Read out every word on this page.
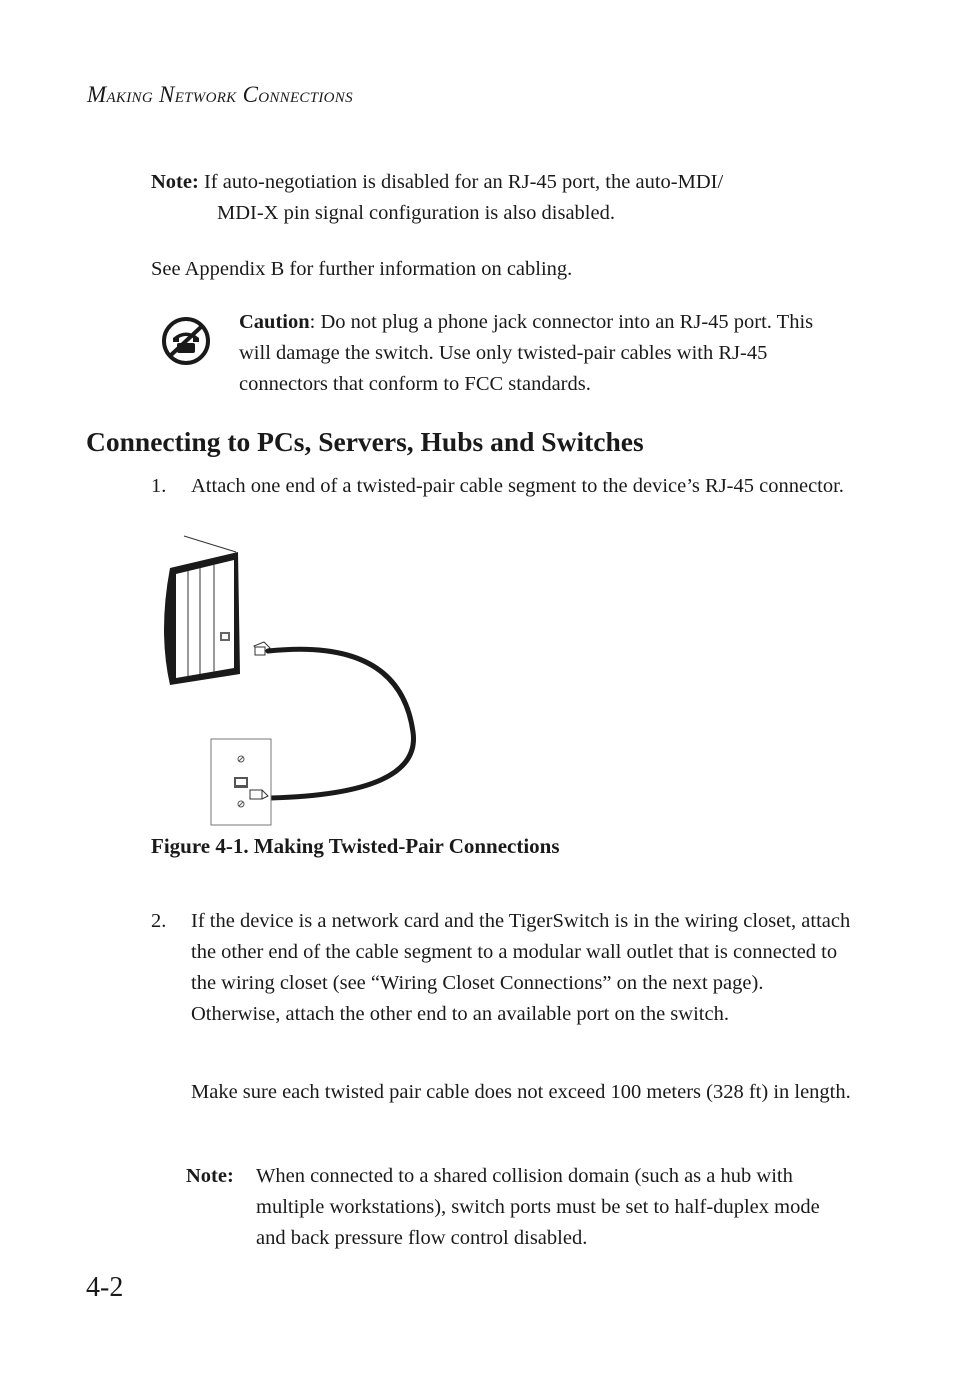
MAKING NETWORK CONNECTIONS
Note: If auto-negotiation is disabled for an RJ-45 port, the auto-MDI/
MDI-X pin signal configuration is also disabled.
See Appendix B for further information on cabling.
Caution: Do not plug a phone jack connector into an RJ-45 port. This will damage the switch. Use only twisted-pair cables with RJ-45 connectors that conform to FCC standards.
Connecting to PCs, Servers, Hubs and Switches
1.	Attach one end of a twisted-pair cable segment to the device’s RJ-45 connector.
Figure 4-1. Making Twisted-Pair Connections
2.	If the device is a network card and the TigerSwitch is in the wiring closet, attach the other end of the cable segment to a modular wall outlet that is connected to the wiring closet (see “Wiring Closet Connections” on the next page). Otherwise, attach the other end to an available port on the switch.
Make sure each twisted pair cable does not exceed 100 meters (328 ft) in length.
Note:	When connected to a shared collision domain (such as a hub with multiple workstations), switch ports must be set to half-duplex mode and back pressure flow control disabled.
4-2
